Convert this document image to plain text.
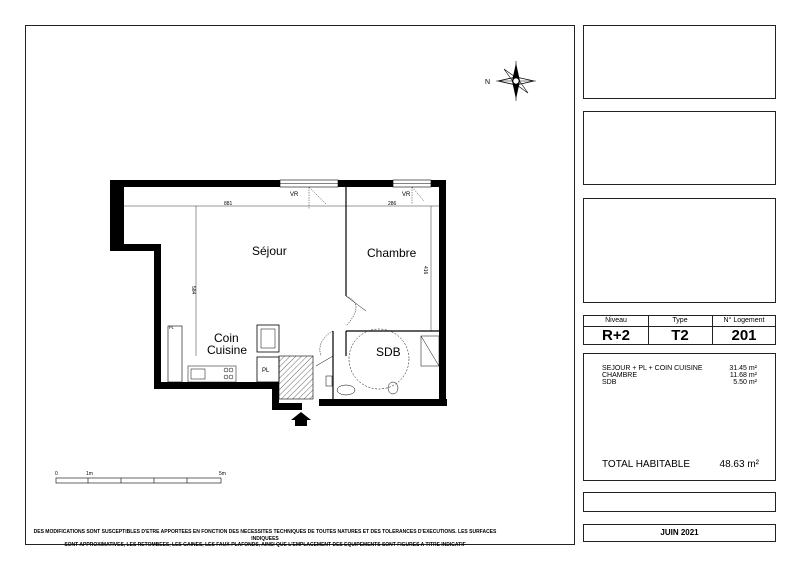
N
VR	VR
881	286
416
584
Séjour	Chambre
Coin
Cuisine	SDB
PL
PL
0	1m	5m
DES MODIFICATIONS SONT SUSCEPTIBLES D'ETRE APPORTEES EN FONCTION DES NECESSITES TECHNIQUES DE TOUTES NATURES ET DES TOLERANCES D'EXECUTIONS. LES SURFACES INDIQUEES
SONT APPROXIMATIVES, LES RETOMBEES, LES GAINES, LES FAUX-PLAFONDS, AINSI QUE L'EMPLACEMENT DES EQUIPEMENTS SONT FIGURES A TITRE INDICATIF
Niveau	Type	N° Logement
R+2	T2	201
SEJOUR + PL + COIN CUISINE	31.45 m²
CHAMBRE	11.68 m²
SDB	5.50 m²
TOTAL HABITABLE	48.63 m²
JUIN 2021
